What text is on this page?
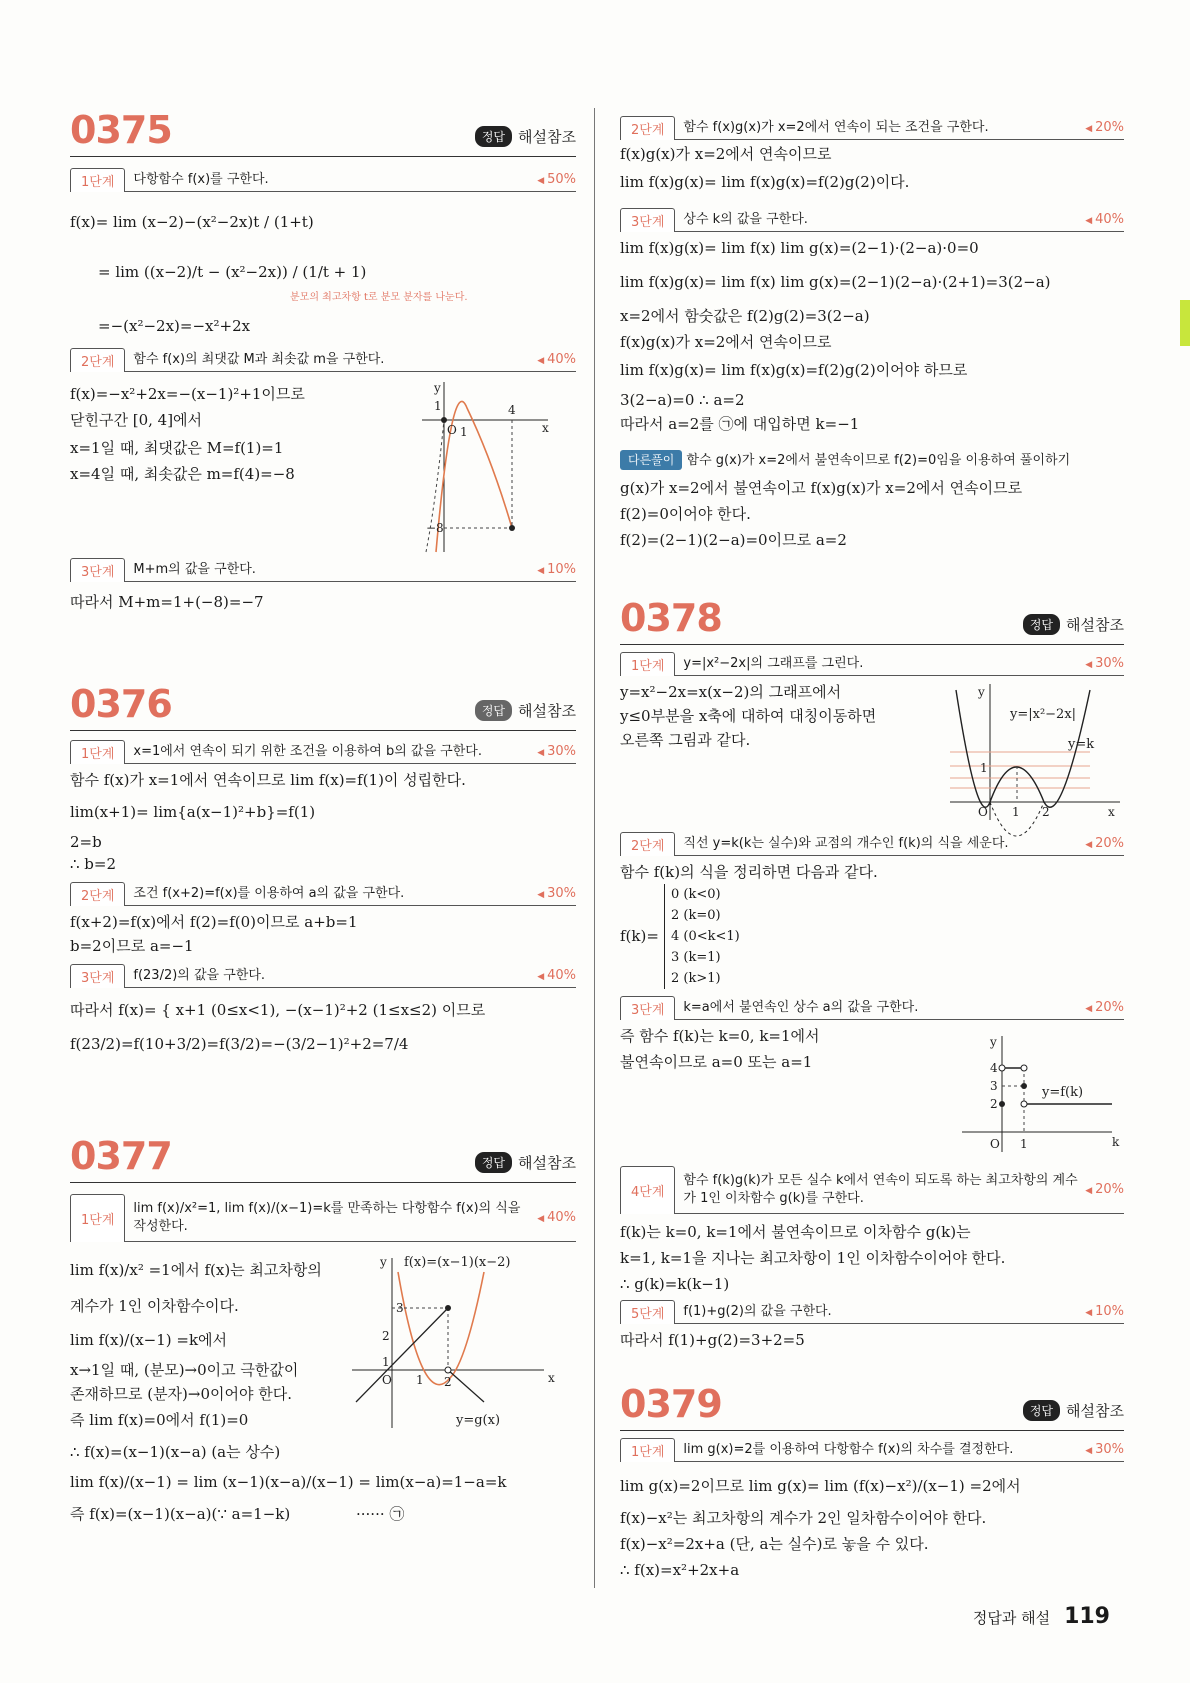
0375	정답 해설참조
1단계	다항함수 f(x)를 구한다.	◀ 50%
f(x)= lim (x−2)−(x²−2x)t / (1+t)
= lim ((x−2)/t − (x²−2x)) / (1/t + 1)
분모의 최고차항 t로 분모 분자를 나눈다.
=−(x²−2x)=−x²+2x
2단계	함수 f(x)의 최댓값 M과 최솟값 m을 구한다.	◀ 40%
f(x)=−x²+2x=−(x−1)²+1이므로
닫힌구간 [0, 4]에서
x=1일 때, 최댓값은 M=f(1)=1
x=4일 때, 최솟값은 m=f(4)=−8
y
x
1	4
O 1
−8
3단계	M+m의 값을 구한다.	◀ 10%
따라서 M+m=1+(−8)=−7
0376	정답 해설참조
1단계	x=1에서 연속이 되기 위한 조건을 이용하여 b의 값을 구한다.	◀ 30%
함수 f(x)가 x=1에서 연속이므로 lim f(x)=f(1)이 성립한다.
lim(x+1)= lim{a(x−1)²+b}=f(1)
2=b
∴ b=2
2단계	조건 f(x+2)=f(x)를 이용하여 a의 값을 구한다.	◀ 30%
f(x+2)=f(x)에서 f(2)=f(0)이므로 a+b=1
b=2이므로 a=−1
3단계	f(23/2)의 값을 구한다.	◀ 40%
따라서 f(x)= { x+1 (0≤x<1), −(x−1)²+2 (1≤x≤2) 이므로
f(23/2)=f(10+3/2)=f(3/2)=−(3/2−1)²+2=7/4
0377	정답 해설참조
1단계
lim f(x)/x²=1, lim f(x)/(x−1)=k를 만족하는 다항함수 f(x)의 식을 작성한다.
◀ 40%
lim f(x)/x² =1에서 f(x)는 최고차항의
계수가 1인 이차함수이다.
lim f(x)/(x−1) =k에서
x→1일 때, (분모)→0이고 극한값이
존재하므로 (분자)→0이어야 한다.
즉 lim f(x)=0에서 f(1)=0
∴ f(x)=(x−1)(x−a) (a는 상수)
lim f(x)/(x−1) = lim (x−1)(x−a)/(x−1) = lim(x−a)=1−a=k
즉 f(x)=(x−1)(x−a)(∵ a=1−k)	······ ㉠
y
x
f(x)=(x−1)(x−2)
y=g(x)
3
2
1
O 1 2
2단계	함수 f(x)g(x)가 x=2에서 연속이 되는 조건을 구한다.	◀ 20%
f(x)g(x)가 x=2에서 연속이므로
lim f(x)g(x)= lim f(x)g(x)=f(2)g(2)이다.
3단계	상수 k의 값을 구한다.	◀ 40%
lim f(x)g(x)= lim f(x) lim g(x)=(2−1)·(2−a)·0=0
lim f(x)g(x)= lim f(x) lim g(x)=(2−1)(2−a)·(2+1)=3(2−a)
x=2에서 함숫값은 f(2)g(2)=3(2−a)
f(x)g(x)가 x=2에서 연속이므로
lim f(x)g(x)= lim f(x)g(x)=f(2)g(2)이어야 하므로
3(2−a)=0 ∴ a=2
따라서 a=2를 ㉠에 대입하면 k=−1
다른풀이 함수 g(x)가 x=2에서 불연속이므로 f(2)=0임을 이용하여 풀이하기
g(x)가 x=2에서 불연속이고 f(x)g(x)가 x=2에서 연속이므로
f(2)=0이어야 한다.
f(2)=(2−1)(2−a)=0이므로 a=2
0378	정답 해설참조
1단계	y=|x²−2x|의 그래프를 그린다.	◀ 30%
y=x²−2x=x(x−2)의 그래프에서
y≤0부분을 x축에 대하여 대칭이동하면
오른쪽 그림과 같다.
y
x
y=|x²−2x|
y=k
1
O 1 2
2단계	직선 y=k(k는 실수)와 교점의 개수인 f(k)의 식을 세운다.	◀ 20%
함수 f(k)의 식을 정리하면 다음과 같다.
f(k)=
0 (k<0)
2 (k=0)
4 (0<k<1)
3 (k=1)
2 (k>1)
3단계	k=a에서 불연속인 상수 a의 값을 구한다.	◀ 20%
즉 함수 f(k)는 k=0, k=1에서
불연속이므로 a=0 또는 a=1
y
k
y=f(k)
4
3
2
O 1
4단계
함수 f(k)g(k)가 모든 실수 k에서 연속이 되도록 하는 최고차항의 계수가 1인 이차함수 g(k)를 구한다.
◀ 20%
f(k)는 k=0, k=1에서 불연속이므로 이차함수 g(k)는
k=1, k=1을 지나는 최고차항이 1인 이차함수이어야 한다.
∴ g(k)=k(k−1)
5단계	f(1)+g(2)의 값을 구한다.	◀ 10%
따라서 f(1)+g(2)=3+2=5
0379	정답 해설참조
1단계	lim g(x)=2를 이용하여 다항함수 f(x)의 차수를 결정한다.	◀ 30%
lim g(x)=2이므로 lim g(x)= lim (f(x)−x²)/(x−1) =2에서
f(x)−x²는 최고차항의 계수가 2인 일차함수이어야 한다.
f(x)−x²=2x+a (단, a는 실수)로 놓을 수 있다.
∴ f(x)=x²+2x+a
정답과 해설 119
